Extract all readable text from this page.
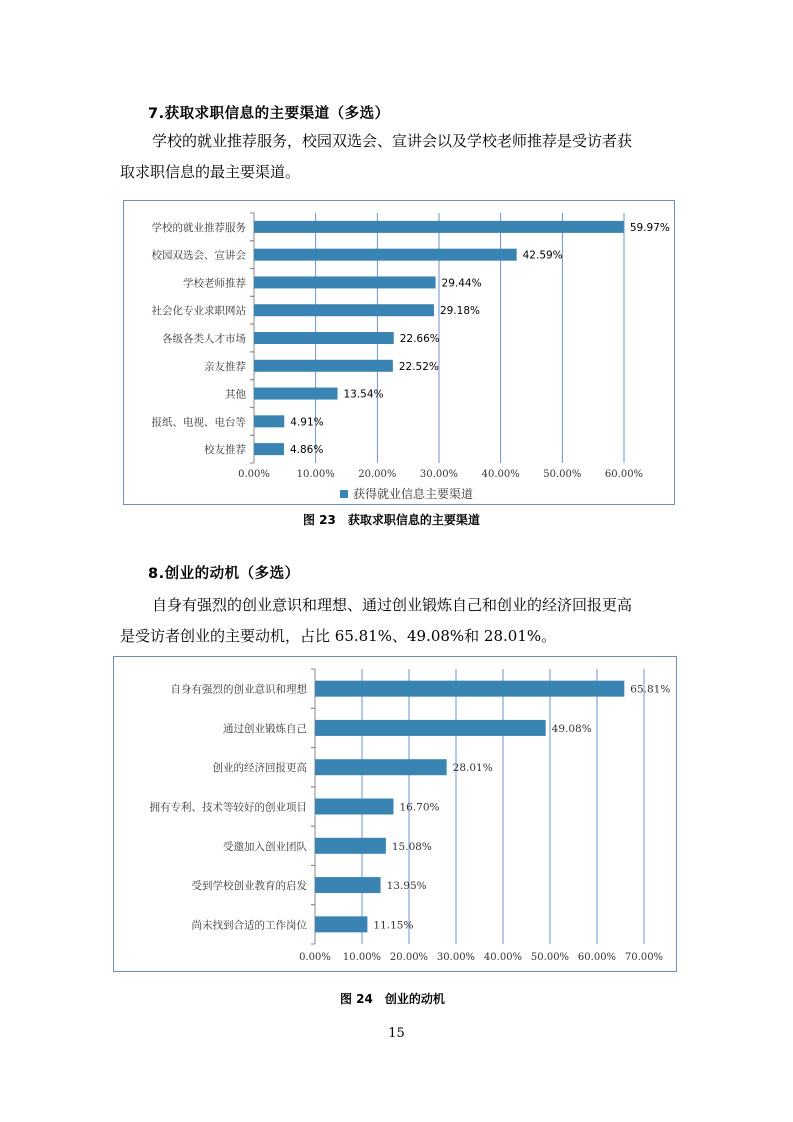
7.获取求职信息的主要渠道（多选）
学校的就业推荐服务，校园双选会、宣讲会以及学校老师推荐是受访者获
取求职信息的最主要渠道。
0.00%	10.00% 20.00% 30.00% 40.00% 50.00% 60.00%
学校的就业推荐服务	59.97%
校园双选会、宣讲会	42.59%
学校老师推荐	29.44%
社会化专业求职网站	29.18%
各级各类人才市场	22.66%
亲友推荐	22.52%
其他	13.54%
报纸、电视、电台等	4.91%
校友推荐	4.86%
获得就业信息主要渠道
图 23　获取求职信息的主要渠道
8.创业的动机（多选）
自身有强烈的创业意识和理想、通过创业锻炼自己和创业的经济回报更高
是受访者创业的主要动机，占比 65.81%、49.08%和 28.01%。
0.00% 10.00% 20.00% 30.00% 40.00% 50.00% 60.00% 70.00%
自身有强烈的创业意识和理想	65.81%
通过创业锻炼自己	49.08%
创业的经济回报更高	28.01%
拥有专利、技术等较好的创业项目	16.70%
受邀加入创业团队	15.08%
受到学校创业教育的启发	13.95%
尚未找到合适的工作岗位	11.15%
图 24　创业的动机
15
